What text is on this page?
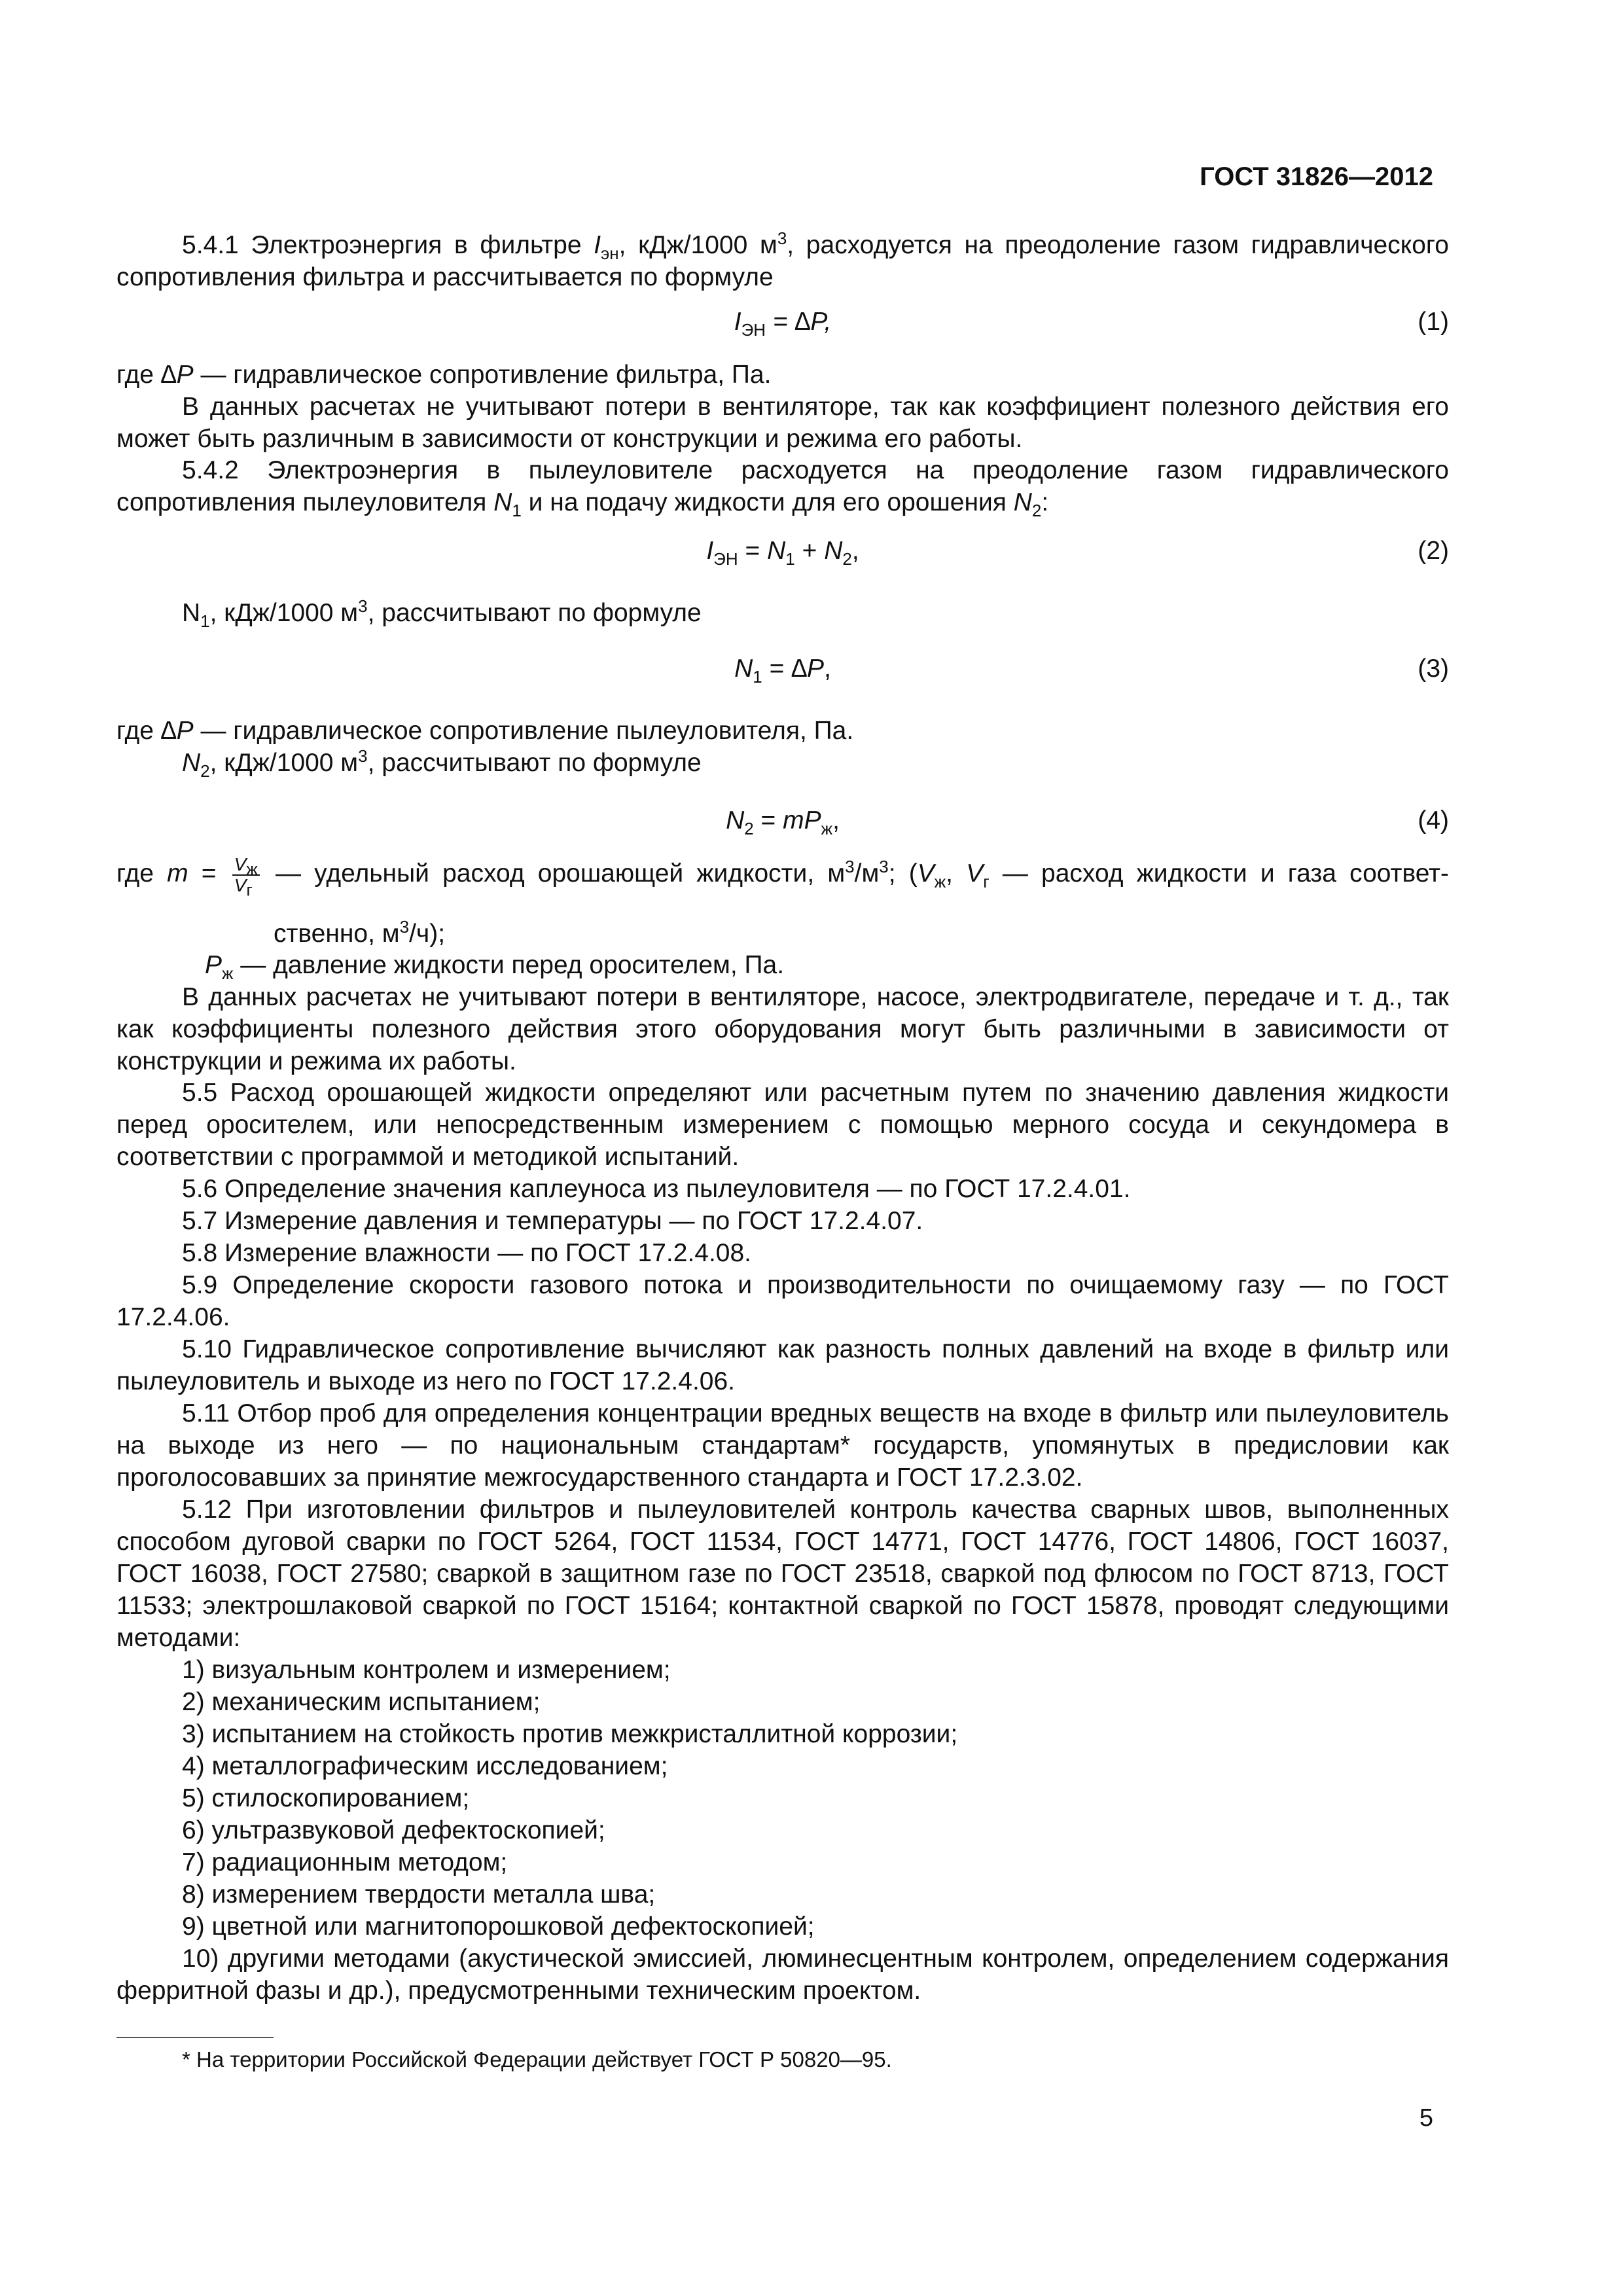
ГОСТ 31826—2012

5.4.1 Электроэнергия в фильтре $I_{эн}$, кДж/1000 $м^3$, расходуется на преодоление газом гидравлического сопротивления фильтра и рассчитывается по формуле

$I_{ЭН} = \Delta P$,	(1)

где ∆P — гидравлическое сопротивление фильтра, Па.

В данных расчетах не учитывают потери в вентиляторе, так как коэффициент полезного действия его может быть различным в зависимости от конструкции и режима его работы.

5.4.2 Электроэнергия в пылеуловителе расходуется на преодоление газом гидравлического сопротивления пылеуловителя $N_1$ и на подачу жидкости для его орошения $N_2$:

$I_{ЭН} = N_1 + N_2$,	(2)

$N_1$, кДж/1000 $м^3$, рассчитывают по формуле

$N_1 = \Delta P$,	(3)

где ∆P — гидравлическое сопротивление пылеуловителя, Па.

$N_2$, кДж/1000 $м^3$, рассчитывают по формуле

$N_2 = mP_ж$,	(4)

где $m = \frac{V_ж}{V_г}$ — удельный расход орошающей жидкости, $м^3/м^3$; ($V_ж$, $V_г$ — расход жидкости и газа соответ-

ственно, $м^3/ч$);

$P_ж$ — давление жидкости перед оросителем, Па.

В данных расчетах не учитывают потери в вентиляторе, насосе, электродвигателе, передаче и т. д., так как коэффициенты полезного действия этого оборудования могут быть различными в зависимости от конструкции и режима их работы.

5.5 Расход орошающей жидкости определяют или расчетным путем по значению давления жидкости перед оросителем, или непосредственным измерением с помощью мерного сосуда и секундомера в соответствии с программой и методикой испытаний.

5.6 Определение значения каплеуноса из пылеуловителя — по ГОСТ 17.2.4.01.

5.7 Измерение давления и температуры — по ГОСТ 17.2.4.07.

5.8 Измерение влажности — по ГОСТ 17.2.4.08.

5.9 Определение скорости газового потока и производительности по очищаемому газу — по ГОСТ 17.2.4.06.

5.10 Гидравлическое сопротивление вычисляют как разность полных давлений на входе в фильтр или пылеуловитель и выходе из него по ГОСТ 17.2.4.06.

5.11 Отбор проб для определения концентрации вредных веществ на входе в фильтр или пылеуловитель на выходе из него — по национальным стандартам* государств, упомянутых в предисловии как проголосовавших за принятие межгосударственного стандарта и ГОСТ 17.2.3.02.

5.12 При изготовлении фильтров и пылеуловителей контроль качества сварных швов, выполненных способом дуговой сварки по ГОСТ 5264, ГОСТ 11534, ГОСТ 14771, ГОСТ 14776, ГОСТ 14806, ГОСТ 16037, ГОСТ 16038, ГОСТ 27580; сваркой в защитном газе по ГОСТ 23518, сваркой под флюсом по ГОСТ 8713, ГОСТ 11533; электрошлаковой сваркой по ГОСТ 15164; контактной сваркой по ГОСТ 15878, проводят следующими методами:

1) визуальным контролем и измерением;

2) механическим испытанием;

3) испытанием на стойкость против межкристаллитной коррозии;

4) металлографическим исследованием;

5) стилоскопированием;

6) ультразвуковой дефектоскопией;

7) радиационным методом;

8) измерением твердости металла шва;

9) цветной или магнитопорошковой дефектоскопией;

10) другими методами (акустической эмиссией, люминесцентным контролем, определением содержания ферритной фазы и др.), предусмотренными техническим проектом.

* На территории Российской Федерации действует ГОСТ Р 50820—95.
5
